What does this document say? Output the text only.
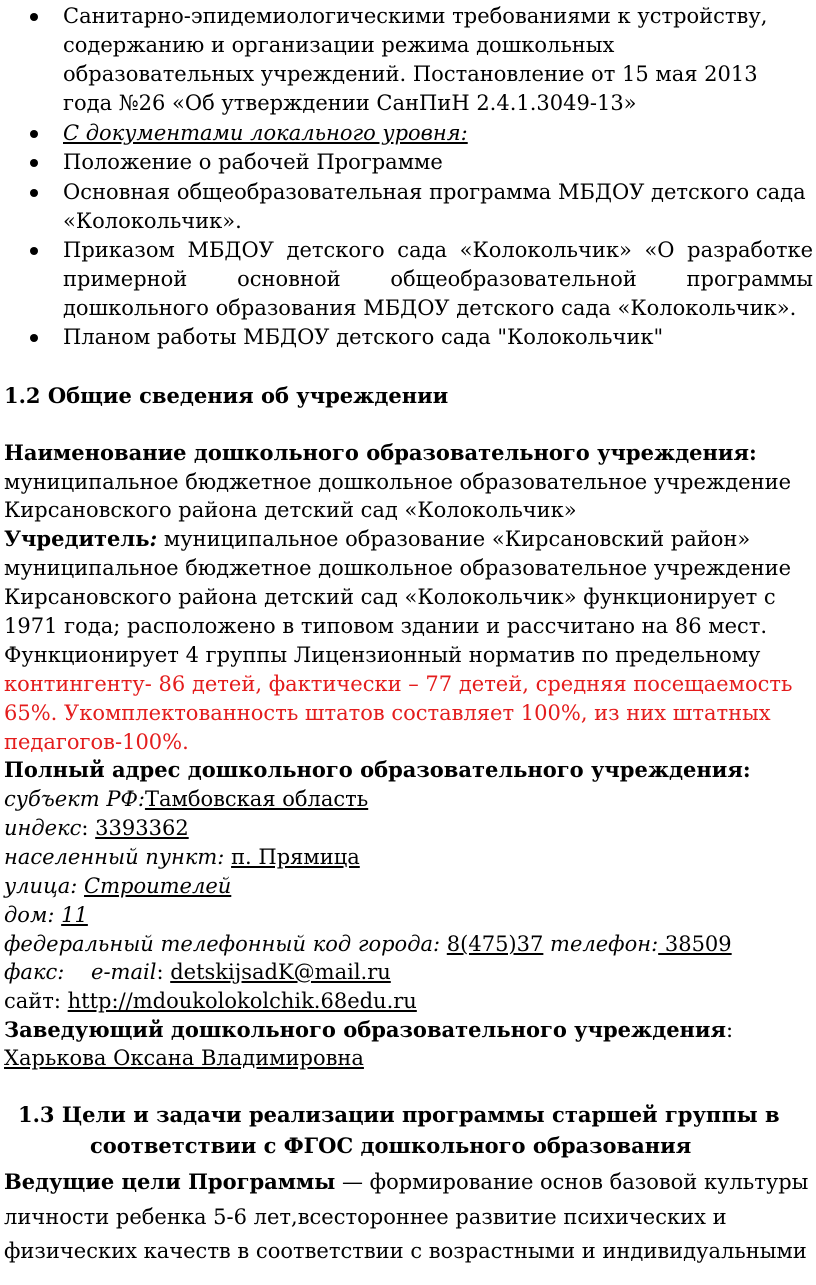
Санитарно-эпидемиологическими требованиями к устройству,
содержанию и организации режима дошкольных
образовательных учреждений. Постановление от 15 мая 2013
года №26 «Об утверждении СанПиН 2.4.1.3049-13»
С документами локального уровня:
Положение о рабочей Программе
Основная общеобразовательная программа МБДОУ детского сада
«Колокольчик».
Приказом МБДОУ детского сада «Колокольчик» «О разработке
примерной основной общеобразовательной программы
дошкольного образования МБДОУ детского сада «Колокольчик».
Планом работы МБДОУ детского сада "Колокольчик"
1.2 Общие сведения об учреждении
Наименование дошкольного образовательного учреждения:
муниципальное бюджетное дошкольное образовательное учреждение
Кирсановского района детский сад «Колокольчик»
Учредитель: муниципальное образование «Кирсановский район»
муниципальное бюджетное дошкольное образовательное учреждение
Кирсановского района детский сад «Колокольчик» функционирует с
1971 года; расположено в типовом здании и рассчитано на 86 мест.
Функционирует 4 группы Лицензионный норматив по предельному
контингенту- 86 детей, фактически – 77 детей, средняя посещаемость
65%. Укомплектованность штатов составляет 100%, из них штатных
педагогов-100%.
Полный адрес дошкольного образовательного учреждения:
субъект РФ:Тамбовская область
индекс: 3393362
населенный пункт: п. Прямица
улица: Строителей
дом: 11
федеральный телефонный код города: 8(475)37 телефон: 38509
факс:    e-mail: detskijsadK@mail.ru
сайт: http://mdoukolokolchik.68edu.ru
Заведующий дошкольного образовательного учреждения:
Харькова Оксана Владимировна
1.3 Цели и задачи реализации программы старшей группы в
соответствии с ФГОС дошкольного образования
Ведущие цели Программы — формирование основ базовой культуры
личности ребенка 5-6 лет,всестороннее развитие психических и
физических качеств в соответствии с возрастными и индивидуальными
